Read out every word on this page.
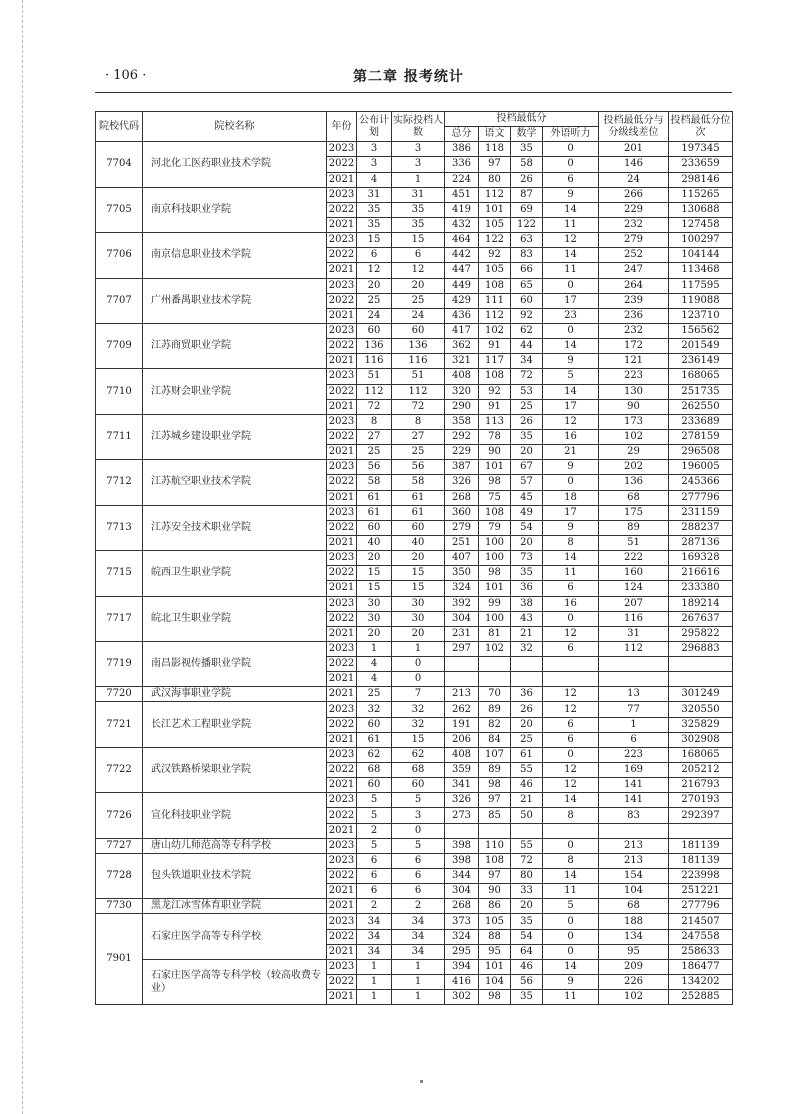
· 106 ·	第二章 报考统计
院校代码	院校名称	年份	公布计划	实际投档人数	投档最低分				投档最低分与分级线差位	投档最低分位次
					总分	语文	数学	外语听力		
7704	河北化工医药职业技术学院	2023	3	3	386	118	35	0	201	197345
		2022	3	3	336	97	58	0	146	233659
		2021	4	1	224	80	26	6	24	298146
7705	南京科技职业学院	2023	31	31	451	112	87	9	266	115265
		2022	35	35	419	101	69	14	229	130688
		2021	35	35	432	105	122	11	232	127458
7706	南京信息职业技术学院	2023	15	15	464	122	63	12	279	100297
		2022	6	6	442	92	83	14	252	104144
		2021	12	12	447	105	66	11	247	113468
7707	广州番禺职业技术学院	2023	20	20	449	108	65	0	264	117595
		2022	25	25	429	111	60	17	239	119088
		2021	24	24	436	112	92	23	236	123710
7709	江苏商贸职业学院	2023	60	60	417	102	62	0	232	156562
		2022	136	136	362	91	44	14	172	201549
		2021	116	116	321	117	34	9	121	236149
7710	江苏财会职业学院	2023	51	51	408	108	72	5	223	168065
		2022	112	112	320	92	53	14	130	251735
		2021	72	72	290	91	25	17	90	262550
7711	江苏城乡建设职业学院	2023	8	8	358	113	26	12	173	233689
		2022	27	27	292	78	35	16	102	278159
		2021	25	25	229	90	20	21	29	296508
7712	江苏航空职业技术学院	2023	56	56	387	101	67	9	202	196005
		2022	58	58	326	98	57	0	136	245366
		2021	61	61	268	75	45	18	68	277796
7713	江苏安全技术职业学院	2023	61	61	360	108	49	17	175	231159
		2022	60	60	279	79	54	9	89	288237
		2021	40	40	251	100	20	8	51	287136
7715	皖西卫生职业学院	2023	20	20	407	100	73	14	222	169328
		2022	15	15	350	98	35	11	160	216616
		2021	15	15	324	101	36	6	124	233380
7717	皖北卫生职业学院	2023	30	30	392	99	38	16	207	189214
		2022	30	30	304	100	43	0	116	267637
		2021	20	20	231	81	21	12	31	295822
7719	南昌影视传播职业学院	2023	1	1	297	102	32	6	112	296883
		2022	4	0						
		2021	4	0						
7720	武汉海事职业学院	2021	25	7	213	70	36	12	13	301249
7721	长江艺术工程职业学院	2023	32	32	262	89	26	12	77	320550
		2022	60	32	191	82	20	6	1	325829
		2021	61	15	206	84	25	6	6	302908
7722	武汉铁路桥梁职业学院	2023	62	62	408	107	61	0	223	168065
		2022	68	68	359	89	55	12	169	205212
		2021	60	60	341	98	46	12	141	216793
7726	宣化科技职业学院	2023	5	5	326	97	21	14	141	270193
		2022	5	3	273	85	50	8	83	292397
		2021	2	0						
7727	唐山幼儿师范高等专科学校	2023	5	5	398	110	55	0	213	181139
7728	包头铁道职业技术学院	2023	6	6	398	108	72	8	213	181139
		2022	6	6	344	97	80	14	154	223998
		2021	6	6	304	90	33	11	104	251221
7730	黑龙江冰雪体育职业学院	2021	2	2	268	86	20	5	68	277796
7901	石家庄医学高等专科学校	2023	34	34	373	105	35	0	188	214507
		2022	34	34	324	88	54	0	134	247558
		2021	34	34	295	95	64	0	95	258633
	石家庄医学高等专科学校（较高收费专业）	2023	1	1	394	101	46	14	209	186477
		2022	1	1	416	104	56	9	226	134202
		2021	1	1	302	98	35	11	102	252885
